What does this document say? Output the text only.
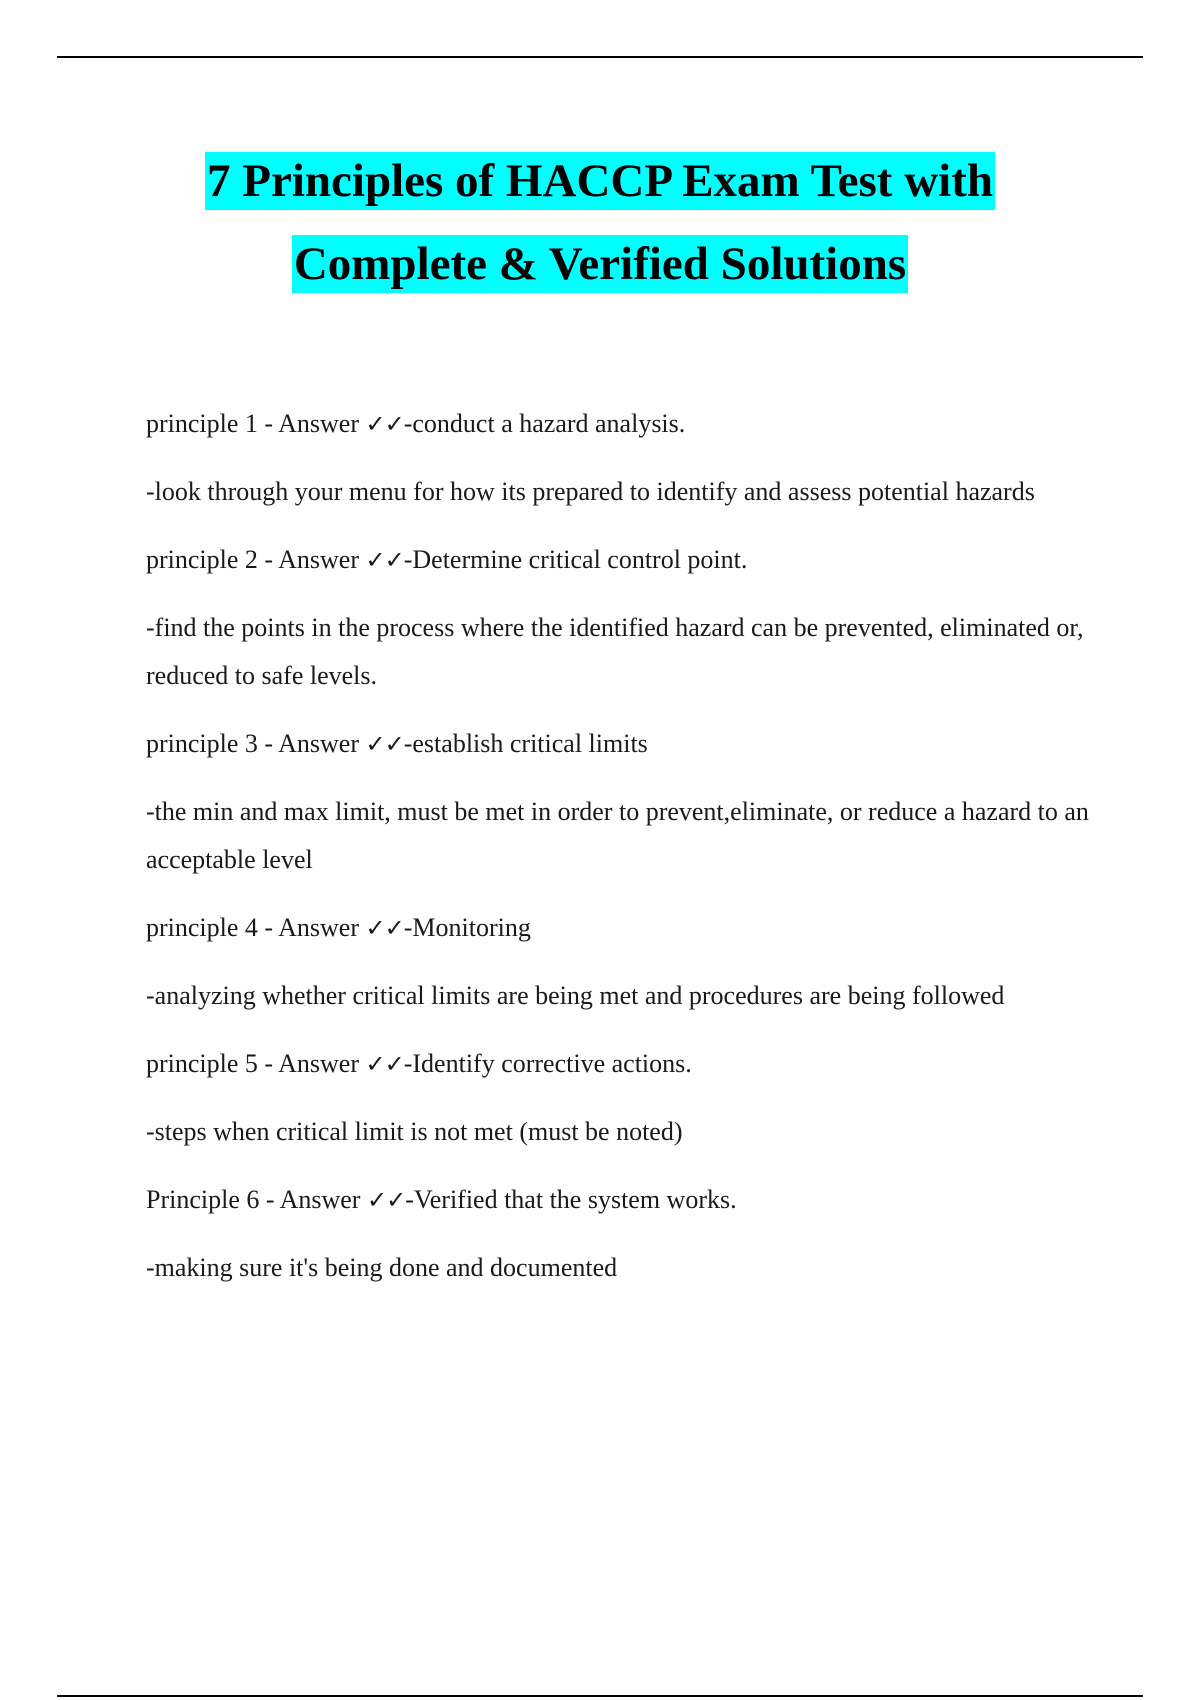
7 Principles of HACCP Exam Test with
Complete & Verified Solutions

principle 1 - Answer ✓✓-conduct a hazard analysis.

-look through your menu for how its prepared to identify and assess potential hazards

principle 2 - Answer ✓✓-Determine critical control point.

-find the points in the process where the identified hazard can be prevented, eliminated or, reduced to safe levels.

principle 3 - Answer ✓✓-establish critical limits

-the min and max limit, must be met in order to prevent,eliminate, or reduce a hazard to an acceptable level

principle 4 - Answer ✓✓-Monitoring

-analyzing whether critical limits are being met and procedures are being followed

principle 5 - Answer ✓✓-Identify corrective actions.

-steps when critical limit is not met (must be noted)

Principle 6 - Answer ✓✓-Verified that the system works.

-making sure it's being done and documented
